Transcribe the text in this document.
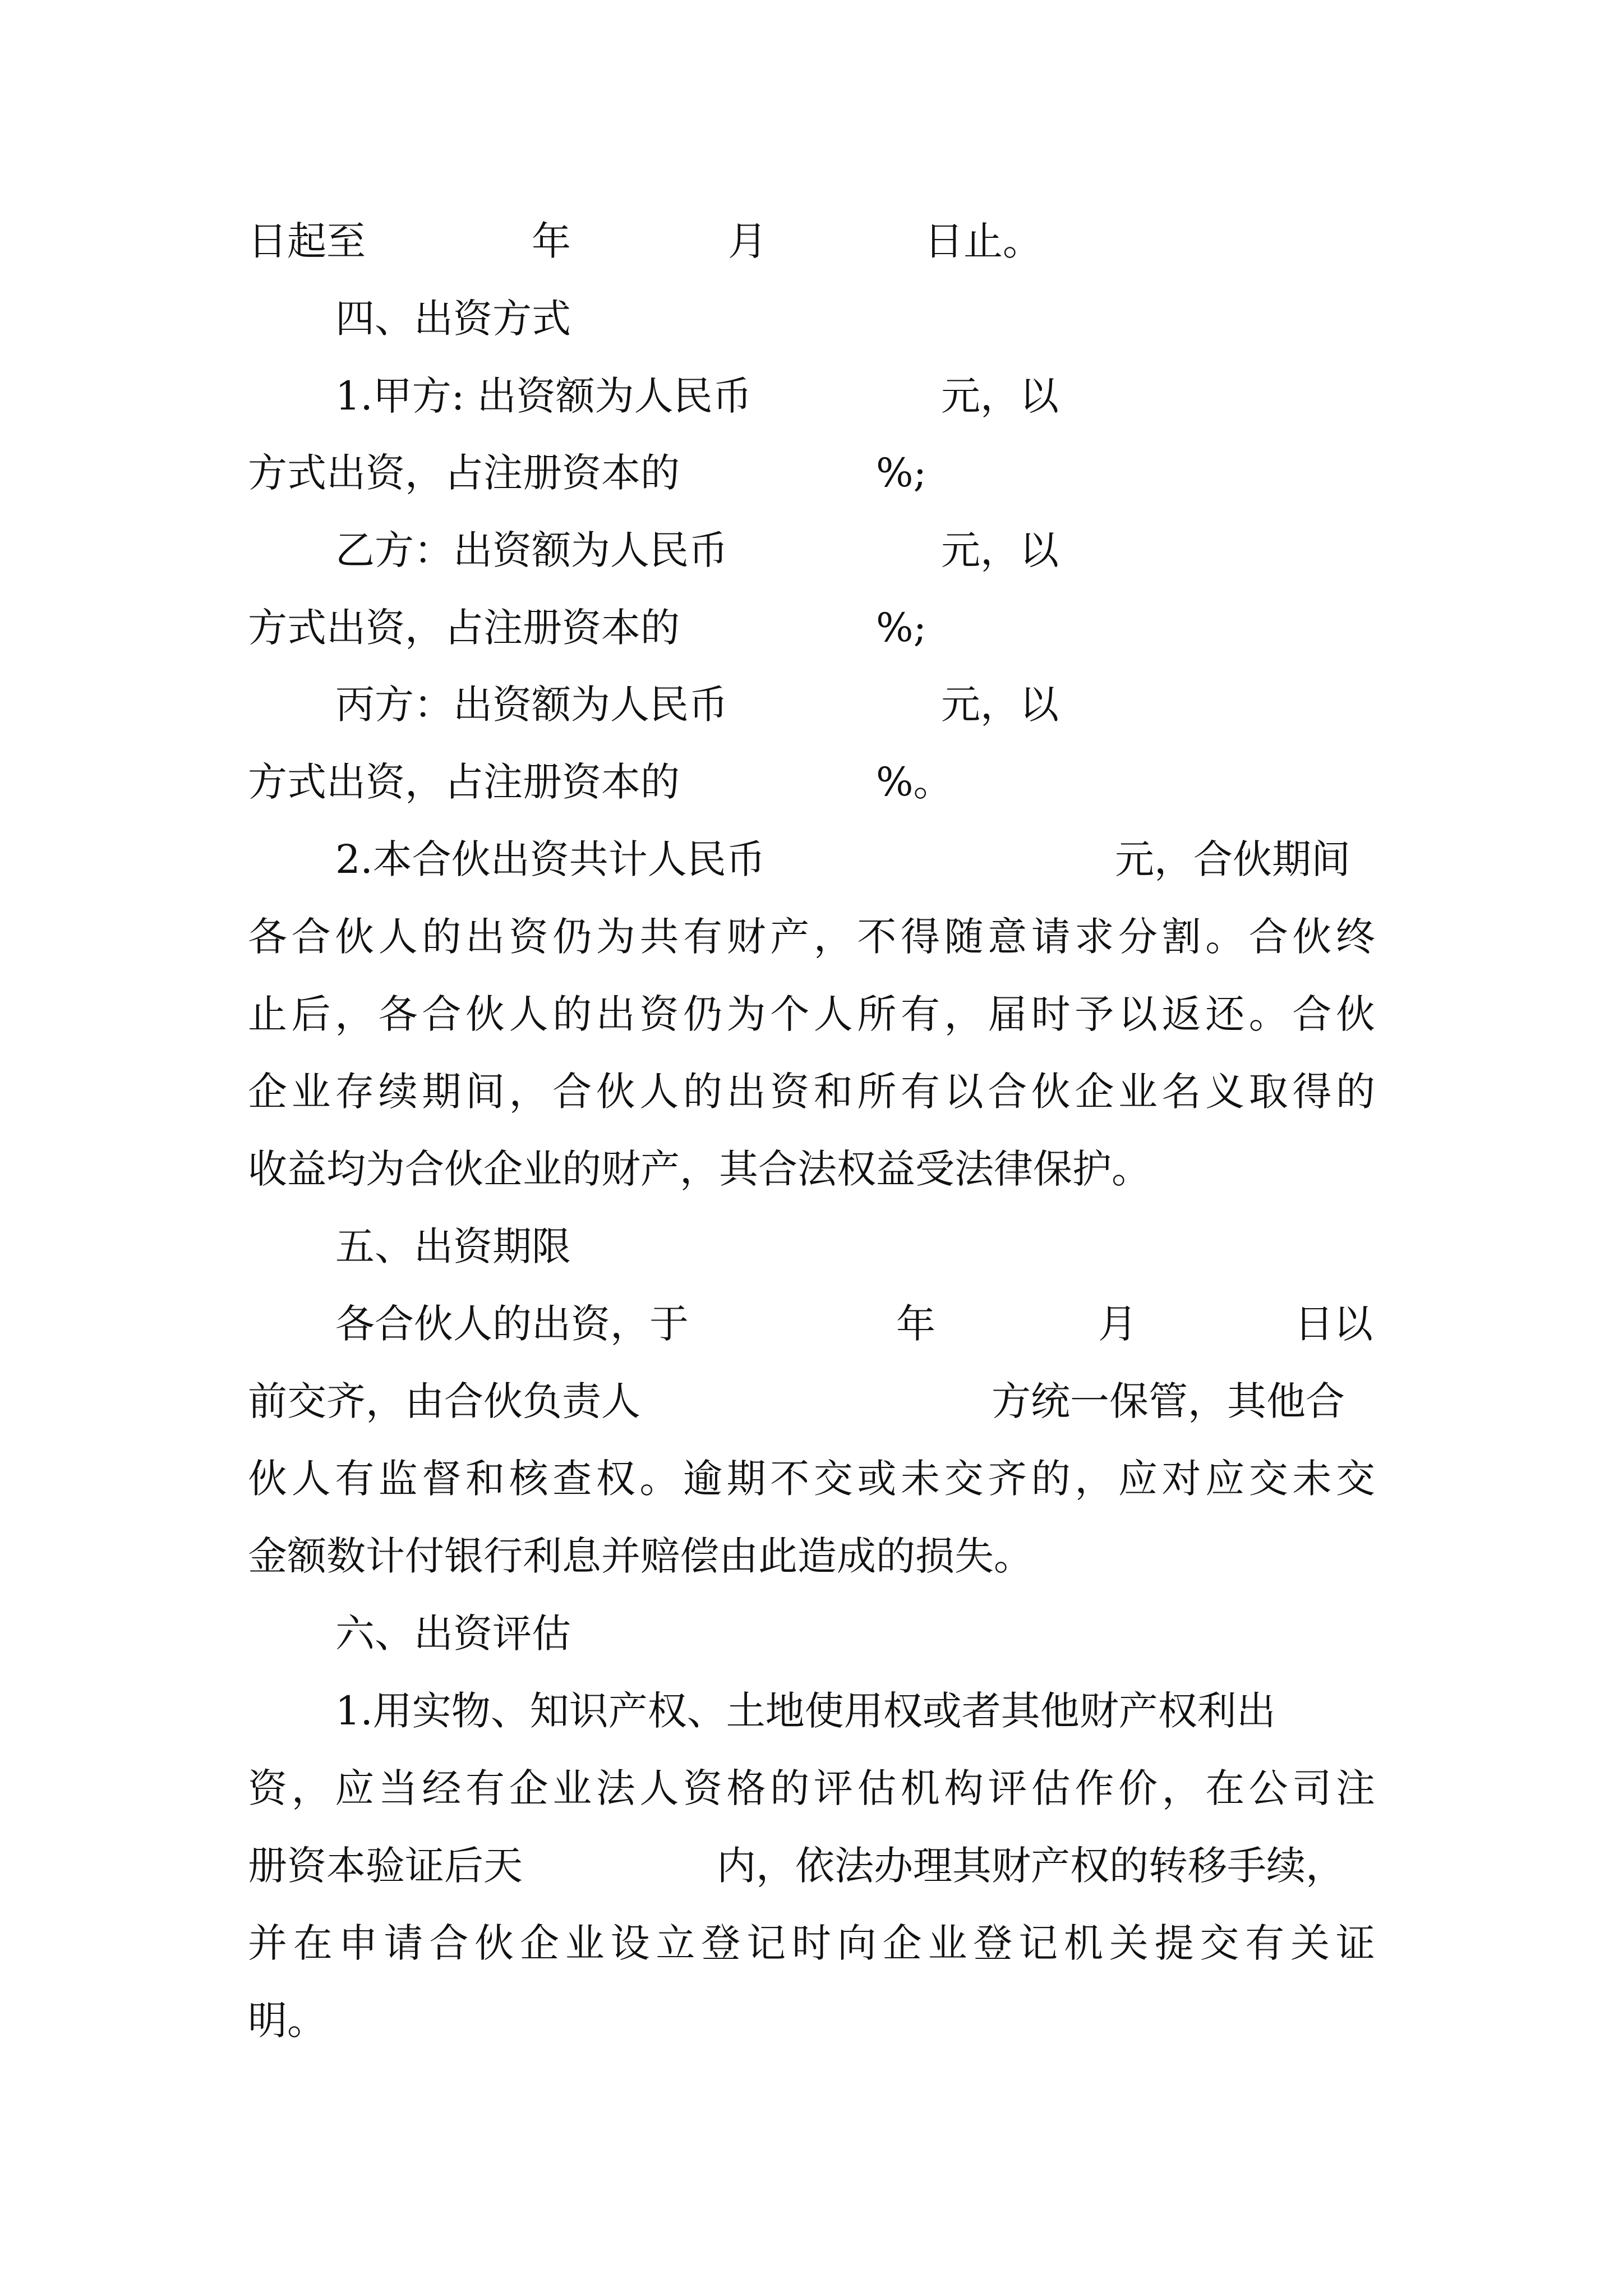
日起至

	年

	月

	日止。

四、出资方式

1.甲方: 出资额为人民币

	元，以

方式出资，占注册资本的

	%;

乙方：出资额为人民币

	元，以

方式出资，占注册资本的

	%;

丙方：出资额为人民币

	元，以

方式出资，占注册资本的

	%。

2.本合伙出资共计人民币

	元，合伙期间

各合伙人的出资仍为共有财产，不得随意请求分割。合伙终

止后，各合伙人的出资仍为个人所有，届时予以返还。合伙

企业存续期间，合伙人的出资和所有以合伙企业名义取得的

收益均为合伙企业的财产，其合法权益受法律保护。

五、出资期限

各合伙人的出资，于

	年

	月

	日以

前交齐，由合伙负责人

	方统一保管，其他合

伙人有监督和核查权。逾期不交或未交齐的，应对应交未交

金额数计付银行利息并赔偿由此造成的损失。

六、出资评估

1.用实物、知识产权、土地使用权或者其他财产权利出

资，应当经有企业法人资格的评估机构评估作价，在公司注

册资本验证后天

	内，依法办理其财产权的转移手续，

并在申请合伙企业设立登记时向企业登记机关提交有关证

明。
